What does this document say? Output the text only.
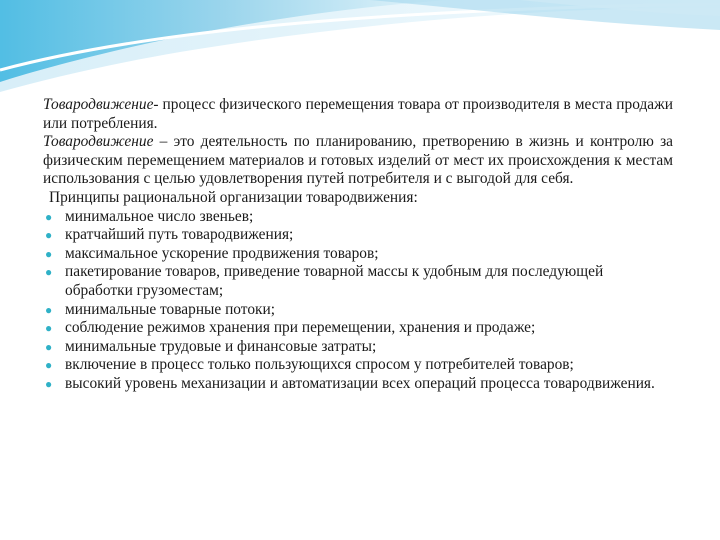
Товародвижение- процесс физического перемещения товара от производителя в места продажи или потребления.

Товародвижение – это деятельность по планированию, претворению в жизнь и контролю за физическим перемещением материалов и готовых изделий от мест их происхождения к местам использования с целью удовлетворения путей потребителя и с выгодой для себя.

Принципы рациональной организации товародвижения:

● минимальное число звеньев;
● кратчайший путь товародвижения;
● максимальное ускорение продвижения товаров;
● пакетирование товаров, приведение товарной массы к удобным для последующей обработки грузоместам;
● минимальные товарные потоки;
● соблюдение режимов хранения при перемещении, хранения и продаже;
● минимальные трудовые и финансовые затраты;
● включение в процесс только пользующихся спросом у потребителей товаров;
● высокий уровень механизации и автоматизации всех операций процесса товародвижения.
